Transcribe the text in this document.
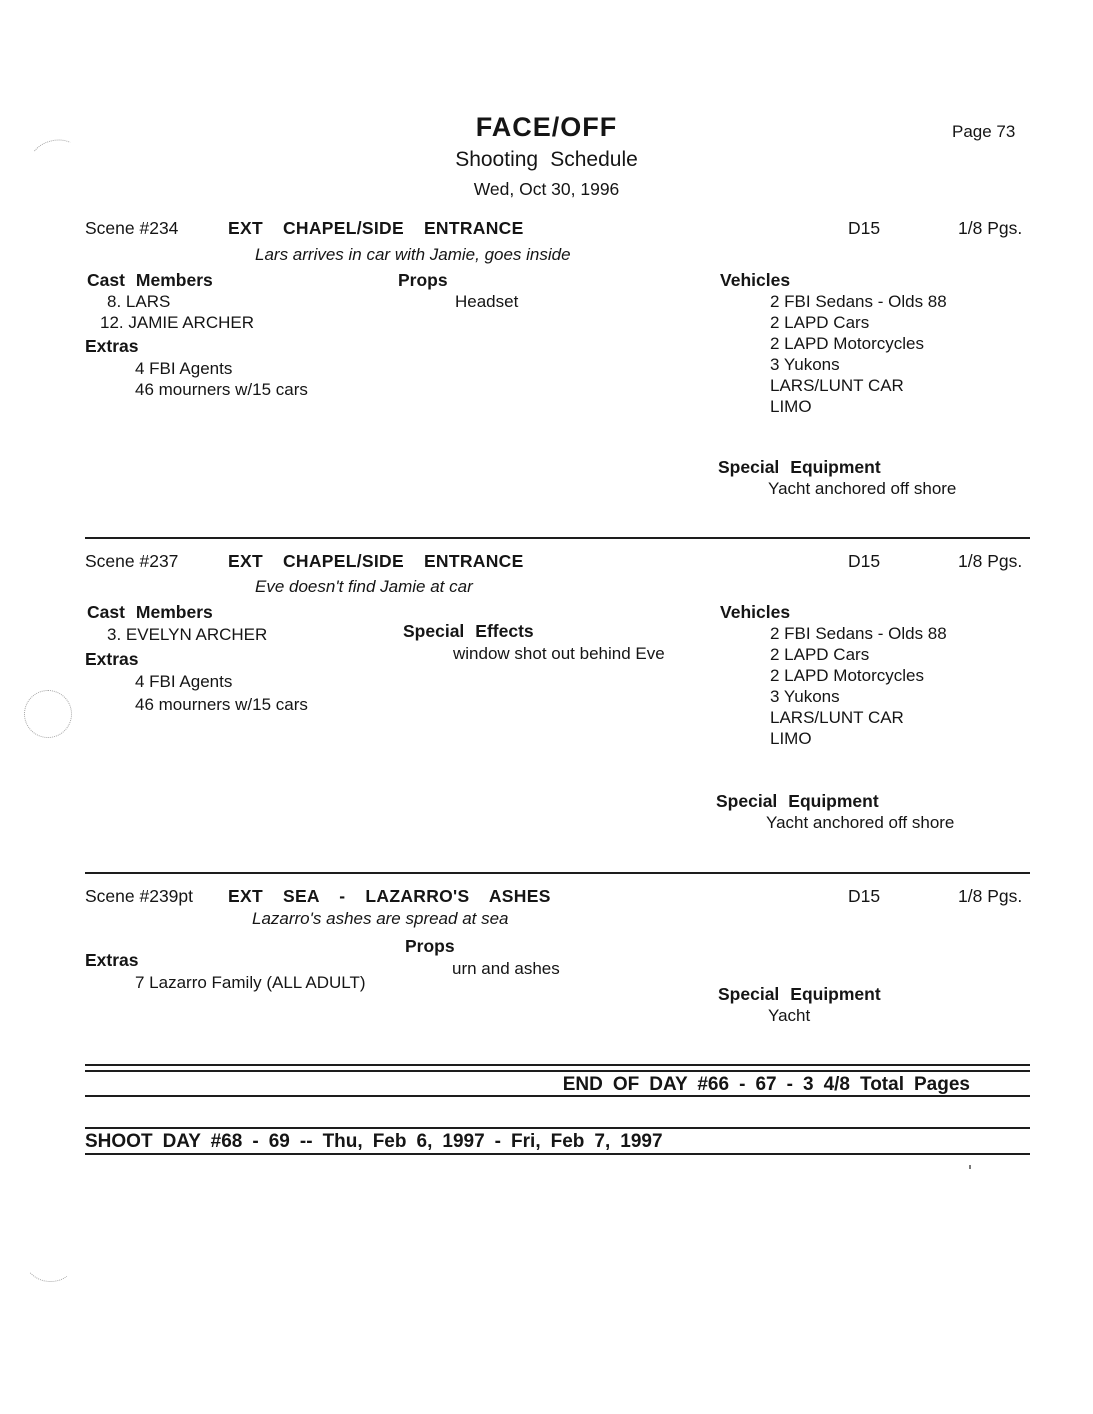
FACE/OFF	Page 73
Shooting Schedule
Wed, Oct 30, 1996
Scene #234	EXT CHAPEL/SIDE ENTRANCE	D15	1/8 Pgs.
Lars arrives in car with Jamie, goes inside
Cast Members
8. LARS
12. JAMIE ARCHER
Extras
4 FBI Agents
46 mourners w/15 cars
Props
Headset
Vehicles
2 FBI Sedans - Olds 88
2 LAPD Cars
2 LAPD Motorcycles
3 Yukons
LARS/LUNT CAR
LIMO
Special Equipment
Yacht anchored off shore
Scene #237	EXT CHAPEL/SIDE ENTRANCE	D15	1/8 Pgs.
Eve doesn't find Jamie at car
Cast Members
3. EVELYN ARCHER
Extras
4 FBI Agents
46 mourners w/15 cars
Special Effects
window shot out behind Eve
Vehicles
2 FBI Sedans - Olds 88
2 LAPD Cars
2 LAPD Motorcycles
3 Yukons
LARS/LUNT CAR
LIMO
Special Equipment
Yacht anchored off shore
Scene #239pt EXT SEA - LAZARRO'S ASHES	D15	1/8 Pgs.
Lazarro's ashes are spread at sea
Props
urn and ashes
Extras
7 Lazarro Family (ALL ADULT)
Special Equipment
Yacht
END OF DAY #66 - 67 - 3 4/8 Total Pages
SHOOT DAY #68 - 69 -- Thu, Feb 6, 1997 - Fri, Feb 7, 1997
